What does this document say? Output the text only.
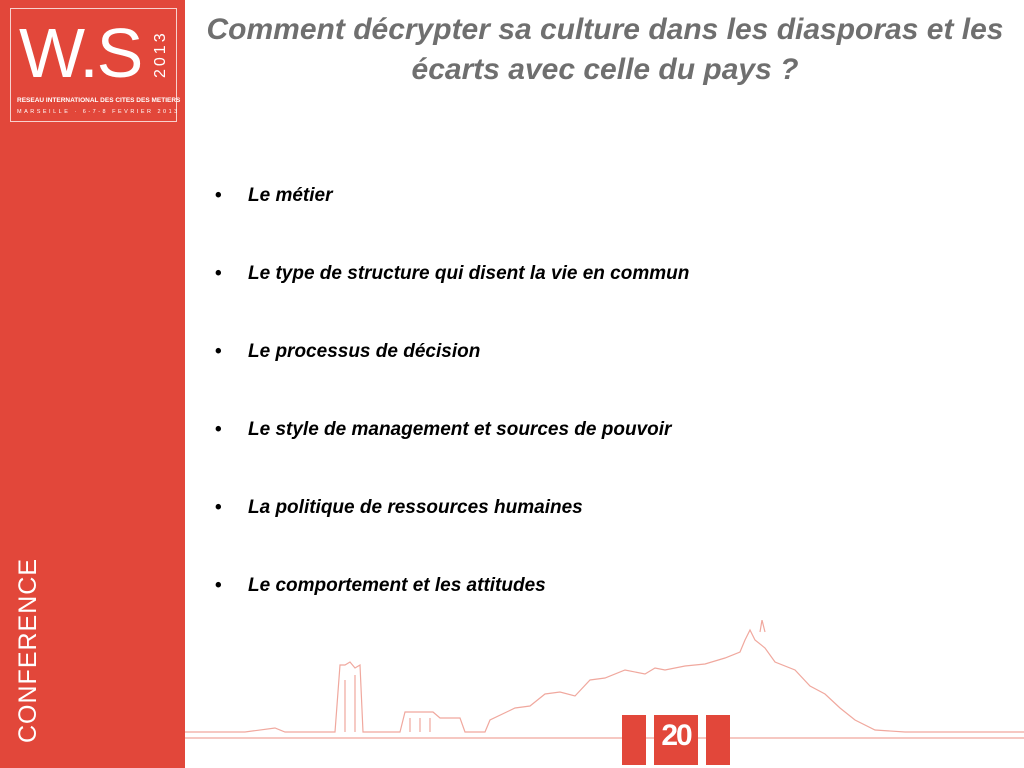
W.S 2013
RESEAU INTERNATIONAL DES CITES DES METIERS
MARSEILLE · 6-7-8 FEVRIER 2013
CONFERENCE
Comment décrypter sa culture dans les diasporas et les écarts avec celle du pays ?
• Le métier
• Le type de structure qui disent la vie en commun
• Le processus de décision
• Le style de management et sources de pouvoir
• La politique de ressources humaines
• Le comportement et les attitudes
20
